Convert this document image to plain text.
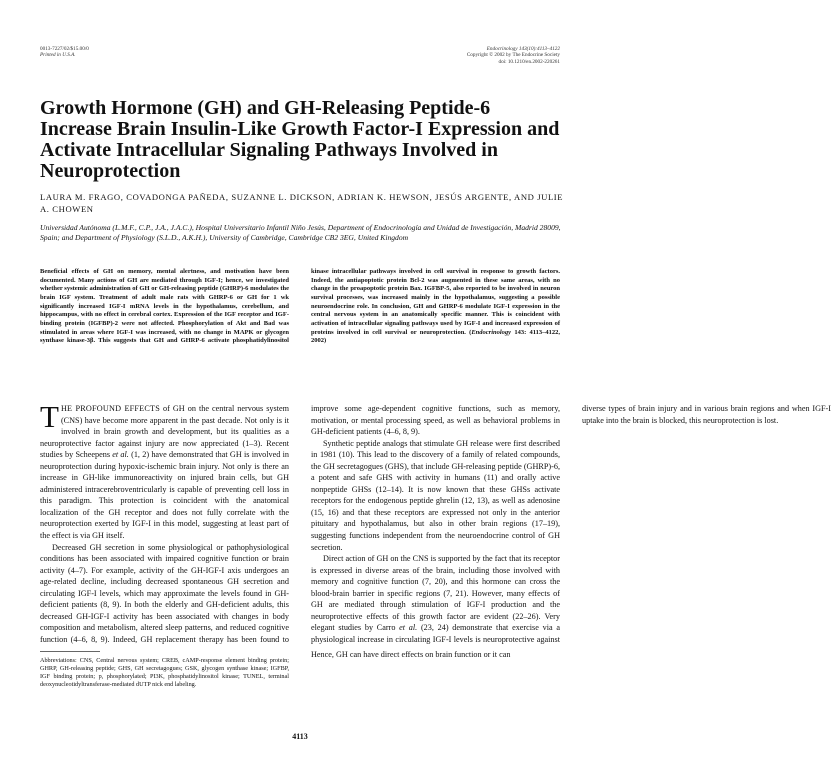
0013-7227/02/$15.00/0
Printed in U.S.A.
Endocrinology 143(10):4113–4122
Copyright © 2002 by The Endocrine Society
doi: 10.1210/en.2002-220261
Growth Hormone (GH) and GH-Releasing Peptide-6 Increase Brain Insulin-Like Growth Factor-I Expression and Activate Intracellular Signaling Pathways Involved in Neuroprotection

LAURA M. FRAGO, COVADONGA PAÑEDA, SUZANNE L. DICKSON, ADRIAN K. HEWSON, JESÚS ARGENTE, AND JULIE A. CHOWEN

Universidad Autónoma (L.M.F., C.P., J.A., J.A.C.), Hospital Universitario Infantil Niño Jesús, Department of Endocrinología and Unidad de Investigación, Madrid 28009, Spain; and Department of Physiology (S.L.D., A.K.H.), University of Cambridge, Cambridge CB2 3EG, United Kingdom

Beneficial effects of GH on memory, mental alertness, and motivation have been documented. Many actions of GH are mediated through IGF-I; hence, we investigated whether systemic administration of GH or GH-releasing peptide (GHRP)-6 modulates the brain IGF system. Treatment of adult male rats with GHRP-6 or GH for 1 wk significantly increased IGF-I mRNA levels in the hypothalamus, cerebellum, and hippocampus, with no effect in cerebral cortex. Expression of the IGF receptor and IGF-binding protein (IGFBP)-2 were not affected. Phosphorylation of Akt and Bad was stimulated in areas where IGF-I was increased, with no change in MAPK or glycogen synthase kinase-3β. This suggests that GH and GHRP-6 activate phosphatidylinositol kinase intracellular pathways involved in cell survival in response to growth factors. Indeed, the antiapoptotic protein Bcl-2 was augmented in these same areas, with no change in the proapoptotic protein Bax. IGFBP-5, also reported to be involved in neuron survival processes, was increased mainly in the hypothalamus, suggesting a possible neuroendocrine role. In conclusion, GH and GHRP-6 modulate IGF-I expression in the central nervous system in an anatomically specific manner. This is coincident with activation of intracellular signaling pathways used by IGF-I and increased expression of proteins involved in cell survival or neuroprotection. (Endocrinology 143: 4113–4122, 2002)

THE PROFOUND EFFECTS of GH on the central nervous system (CNS) have become more apparent in the past decade. Not only is it involved in brain growth and development, but its qualities as a neuroprotective factor against injury are now appreciated (1–3). Recent studies by Scheepens et al. (1, 2) have demonstrated that GH is involved in neuroprotection during hypoxic-ischemic brain injury. Not only is there an increase in GH-like immunoreactivity on injured brain cells, but GH administered intracerebroventricularly is capable of preventing cell loss in this paradigm. This protection is coincident with the anatomical localization of the GH receptor and does not fully correlate with the neuroprotection exerted by IGF-I in this model, suggesting at least part of the effect is via GH itself.

Decreased GH secretion in some physiological or pathophysiological conditions has been associated with impaired cognitive function or brain activity (4–7). For example, activity of the GH-IGF-I axis undergoes an age-related decline, including decreased spontaneous GH secretion and circulating IGF-I levels, which may approximate the levels found in GH-deficient patients (8, 9). In both the elderly and GH-deficient adults, this decreased GH-IGF-I activity has been associated with changes in body composition and metabolism, altered sleep patterns, and reduced cognitive function (4–6, 8, 9). Indeed, GH replacement therapy has been found to improve some age-dependent cognitive functions, such as memory, motivation, or mental processing speed, as well as behavioral problems in GH-deficient patients (4–6, 8, 9).

Synthetic peptide analogs that stimulate GH release were first described in 1981 (10). This lead to the discovery of a family of related compounds, the GH secretagogues (GHS), that include GH-releasing peptide (GHRP)-6, a potent and safe GHS with activity in humans (11) and orally active nonpeptide GHSs (12–14). It is now known that these GHSs activate receptors for the endogenous peptide ghrelin (12, 13), as well as adenosine (15, 16) and that these receptors are expressed not only in the anterior pituitary and hypothalamus, but also in other brain regions (17–19), suggesting functions independent from the neuroendocrine control of GH secretion.

Direct action of GH on the CNS is supported by the fact that its receptor is expressed in diverse areas of the brain, including those involved with memory and cognitive function (7, 20), and this hormone can cross the blood-brain barrier in specific regions (7, 21). However, many effects of GH are mediated through stimulation of IGF-I production and the neuroprotective effects of this growth factor are evident (22–26). Very elegant studies by Carro et al. (23, 24) demonstrate that exercise via a physiological increase in circulating IGF-I levels is neuroprotective against diverse types of brain injury and in various brain regions and when IGF-I uptake into the brain is blocked, this neuroprotection is lost.

Hence, GH can have direct effects on brain function or it can

Abbreviations: CNS, Central nervous system; CREB, cAMP-response element binding protein; GHRP, GH-releasing peptide; GHS, GH secretagogues; GSK, glycogen synthase kinase; IGFBP, IGF binding protein; p, phosphorylated; PI3K, phosphatidylinositol kinase; TUNEL, terminal deoxynucleotidyltransferase-mediated dUTP nick end labeling.

4113
